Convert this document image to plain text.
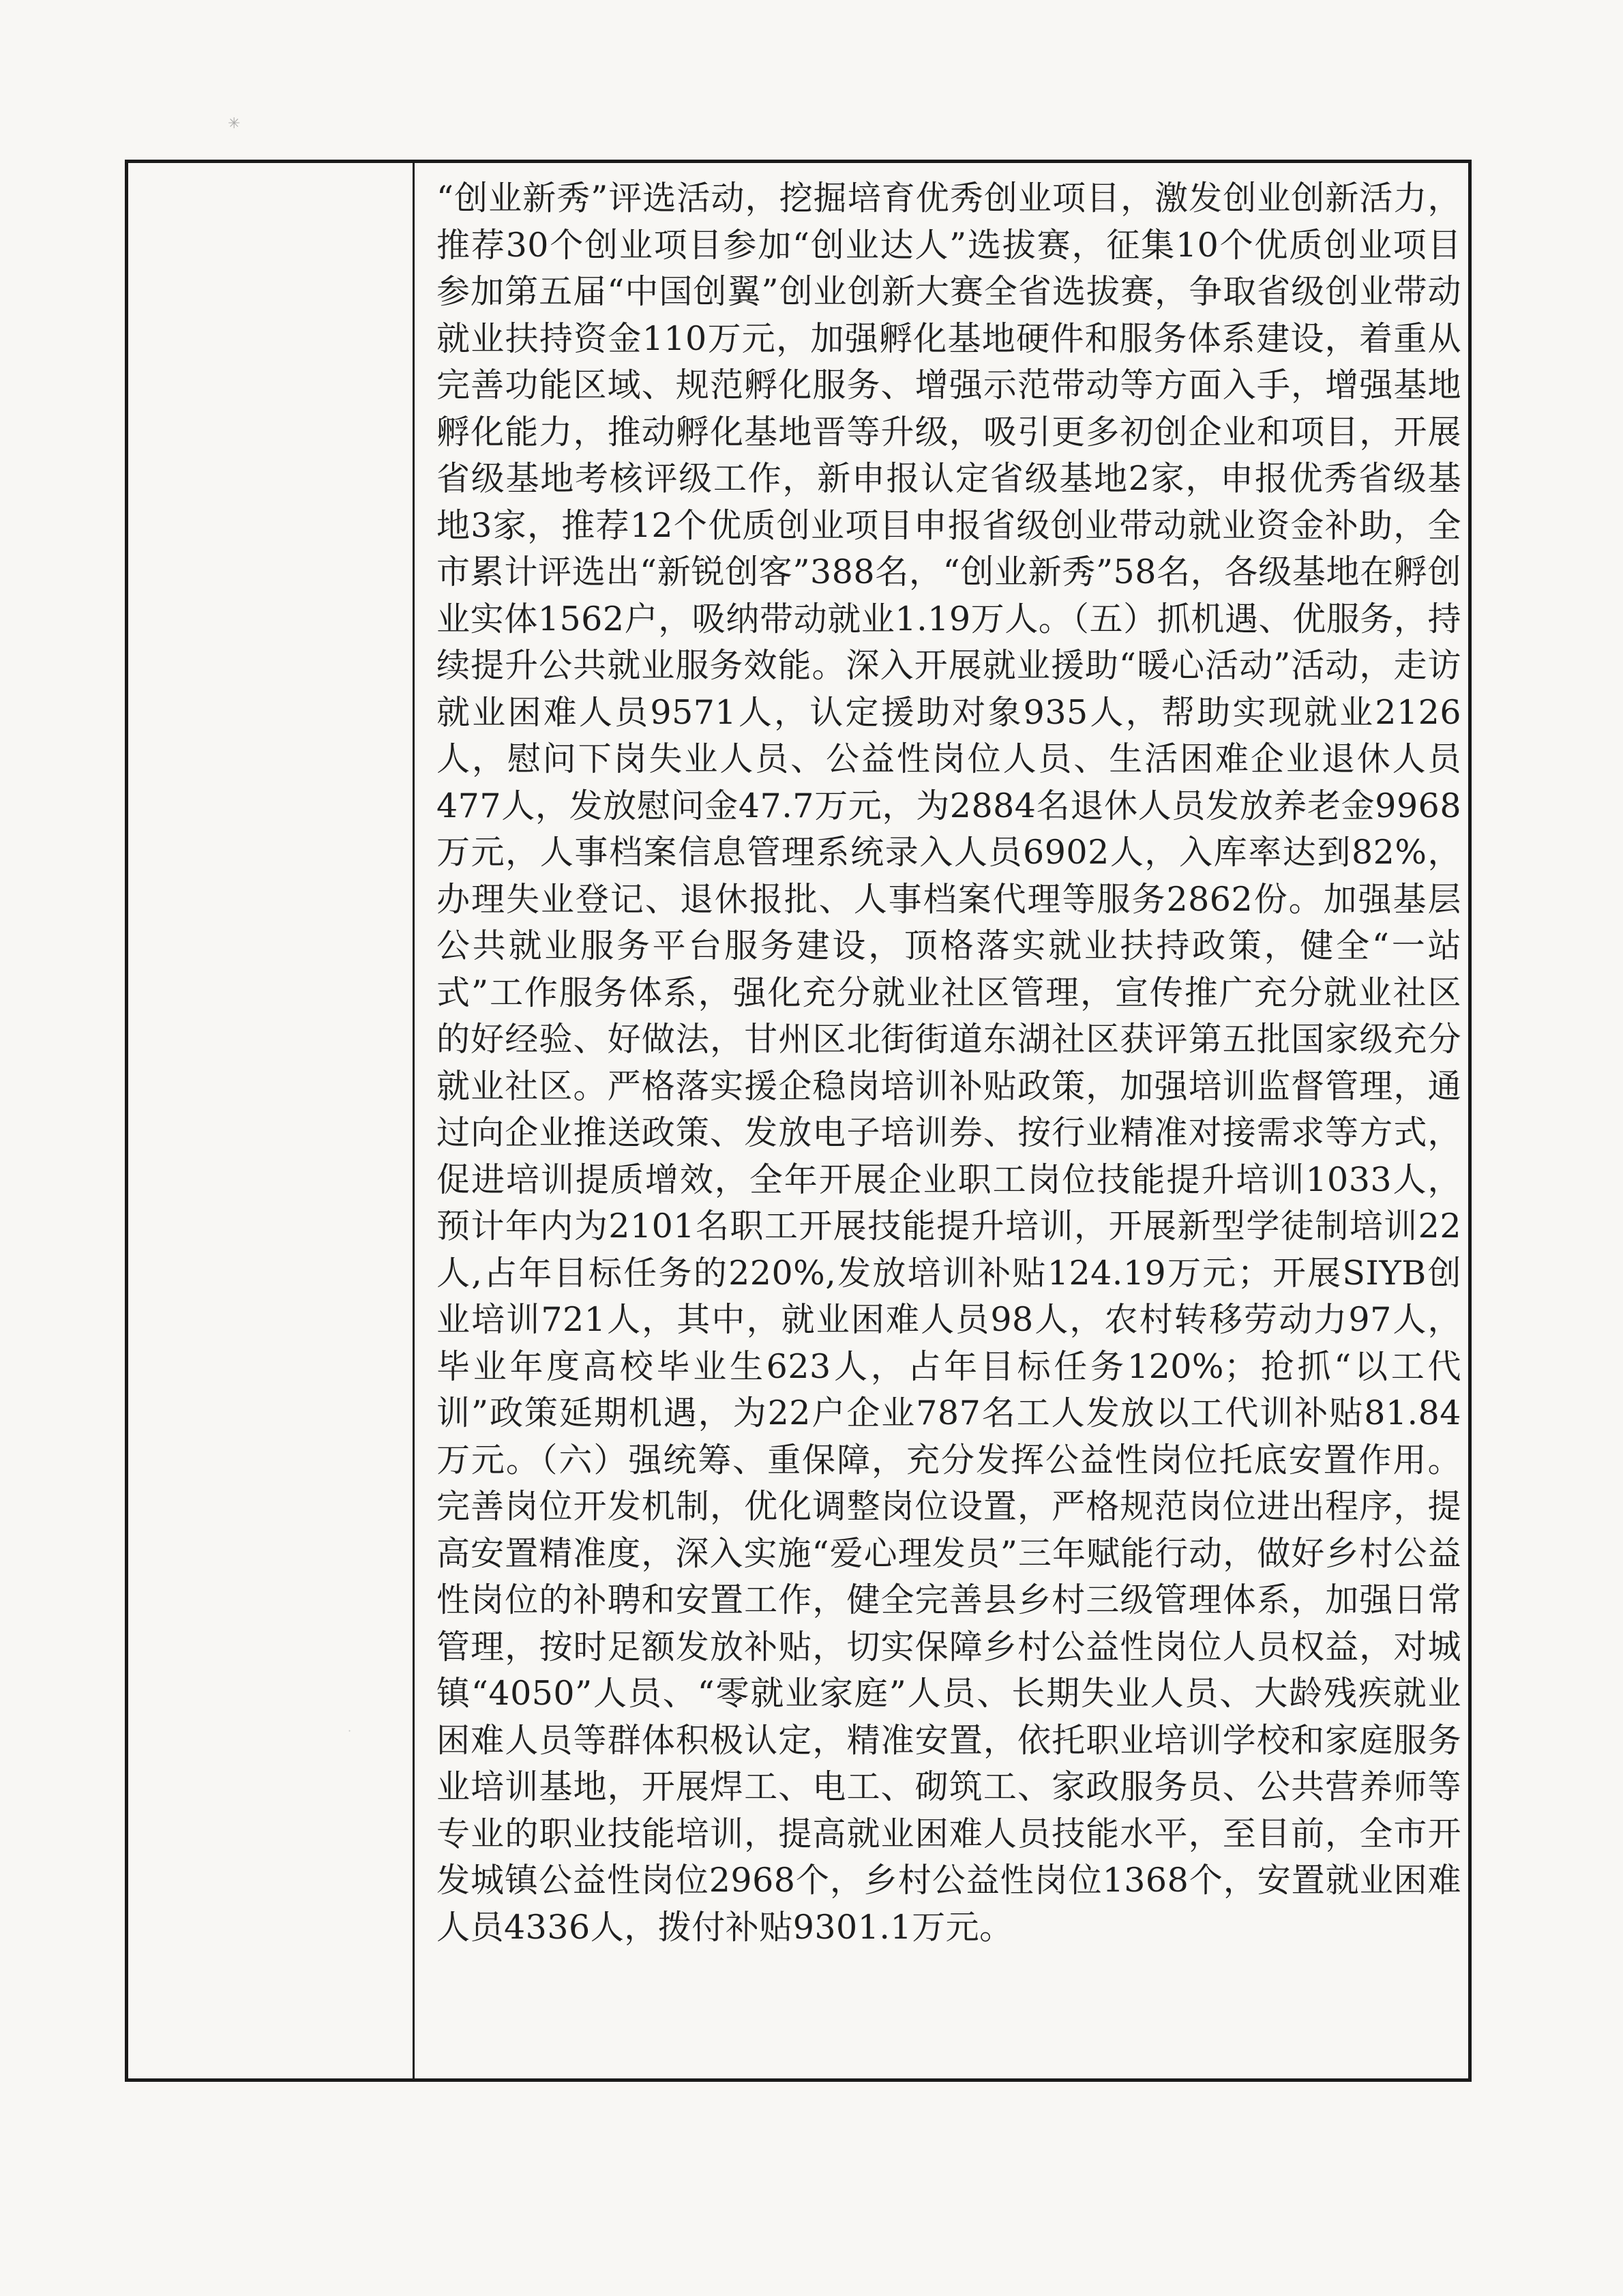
✳
·

“创业新秀”评选活动，挖掘培育优秀创业项目，激发创业创新活力，推荐30个创业项目参加“创业达人”选拔赛，征集10个优质创业项目参加第五届“中国创翼”创业创新大赛全省选拔赛，争取省级创业带动就业扶持资金110万元，加强孵化基地硬件和服务体系建设，着重从完善功能区域、规范孵化服务、增强示范带动等方面入手，增强基地孵化能力，推动孵化基地晋等升级，吸引更多初创企业和项目，开展省级基地考核评级工作，新申报认定省级基地2家，申报优秀省级基地3家，推荐12个优质创业项目申报省级创业带动就业资金补助，全市累计评选出“新锐创客”388名，“创业新秀”58名，各级基地在孵创业实体1562户，吸纳带动就业1.19万人。（五）抓机遇、优服务，持续提升公共就业服务效能。深入开展就业援助“暖心活动”活动，走访就业困难人员9571人，认定援助对象935人，帮助实现就业2126人，慰问下岗失业人员、公益性岗位人员、生活困难企业退休人员477人，发放慰问金47.7万元，为2884名退休人员发放养老金9968万元，人事档案信息管理系统录入人员6902人，入库率达到82%，办理失业登记、退休报批、人事档案代理等服务2862份。加强基层公共就业服务平台服务建设，顶格落实就业扶持政策，健全“一站式”工作服务体系，强化充分就业社区管理，宣传推广充分就业社区的好经验、好做法，甘州区北街街道东湖社区获评第五批国家级充分就业社区。严格落实援企稳岗培训补贴政策，加强培训监督管理，通过向企业推送政策、发放电子培训券、按行业精准对接需求等方式，促进培训提质增效，全年开展企业职工岗位技能提升培训1033人，预计年内为2101名职工开展技能提升培训，开展新型学徒制培训22人,占年目标任务的220%,发放培训补贴124.19万元；开展SIYB创业培训721人，其中，就业困难人员98人，农村转移劳动力97人，毕业年度高校毕业生623人，占年目标任务120%；抢抓“以工代训”政策延期机遇，为22户企业787名工人发放以工代训补贴81.84万元。（六）强统筹、重保障，充分发挥公益性岗位托底安置作用。完善岗位开发机制，优化调整岗位设置，严格规范岗位进出程序，提高安置精准度，深入实施“爱心理发员”三年赋能行动，做好乡村公益性岗位的补聘和安置工作，健全完善县乡村三级管理体系，加强日常管理，按时足额发放补贴，切实保障乡村公益性岗位人员权益，对城镇“4050”人员、“零就业家庭”人员、长期失业人员、大龄残疾就业困难人员等群体积极认定，精准安置，依托职业培训学校和家庭服务业培训基地，开展焊工、电工、砌筑工、家政服务员、公共营养师等专业的职业技能培训，提高就业困难人员技能水平，至目前，全市开发城镇公益性岗位2968个，乡村公益性岗位1368个，安置就业困难人员4336人，拨付补贴9301.1万元。
